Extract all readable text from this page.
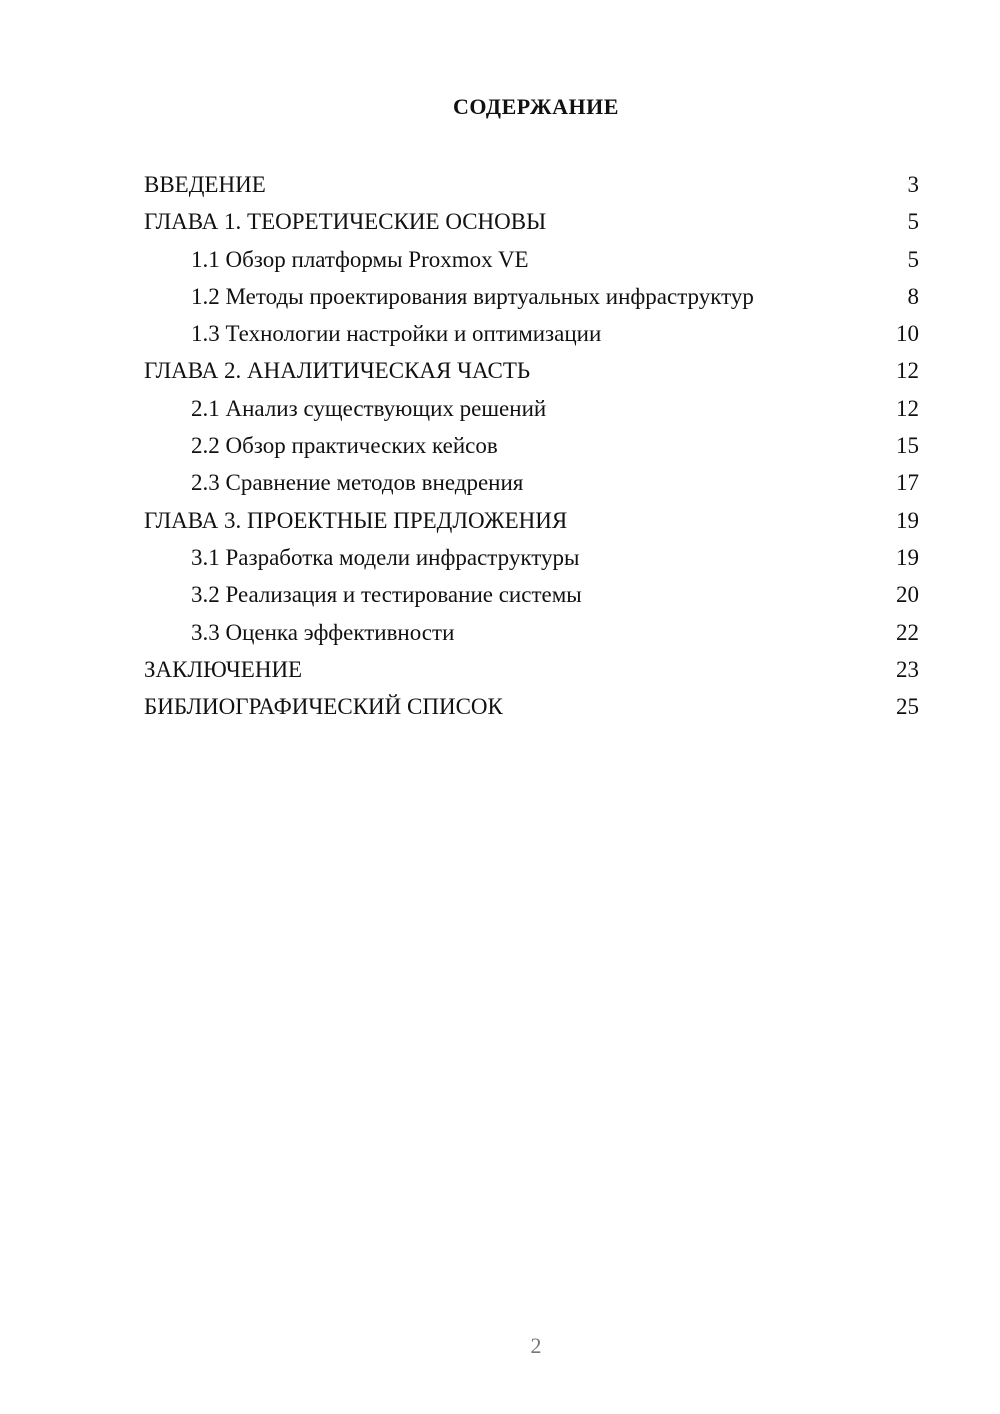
СОДЕРЖАНИЕ
ВВЕДЕНИЕ	3
ГЛАВА 1. ТЕОРЕТИЧЕСКИЕ ОСНОВЫ	5
1.1 Обзор платформы Proxmox VE	5
1.2 Методы проектирования виртуальных инфраструктур	8
1.3 Технологии настройки и оптимизации	10
ГЛАВА 2. АНАЛИТИЧЕСКАЯ ЧАСТЬ	12
2.1 Анализ существующих решений	12
2.2 Обзор практических кейсов	15
2.3 Сравнение методов внедрения	17
ГЛАВА 3. ПРОЕКТНЫЕ ПРЕДЛОЖЕНИЯ	19
3.1 Разработка модели инфраструктуры	19
3.2 Реализация и тестирование системы	20
3.3 Оценка эффективности	22
ЗАКЛЮЧЕНИЕ	23
БИБЛИОГРАФИЧЕСКИЙ СПИСОК	25
2
